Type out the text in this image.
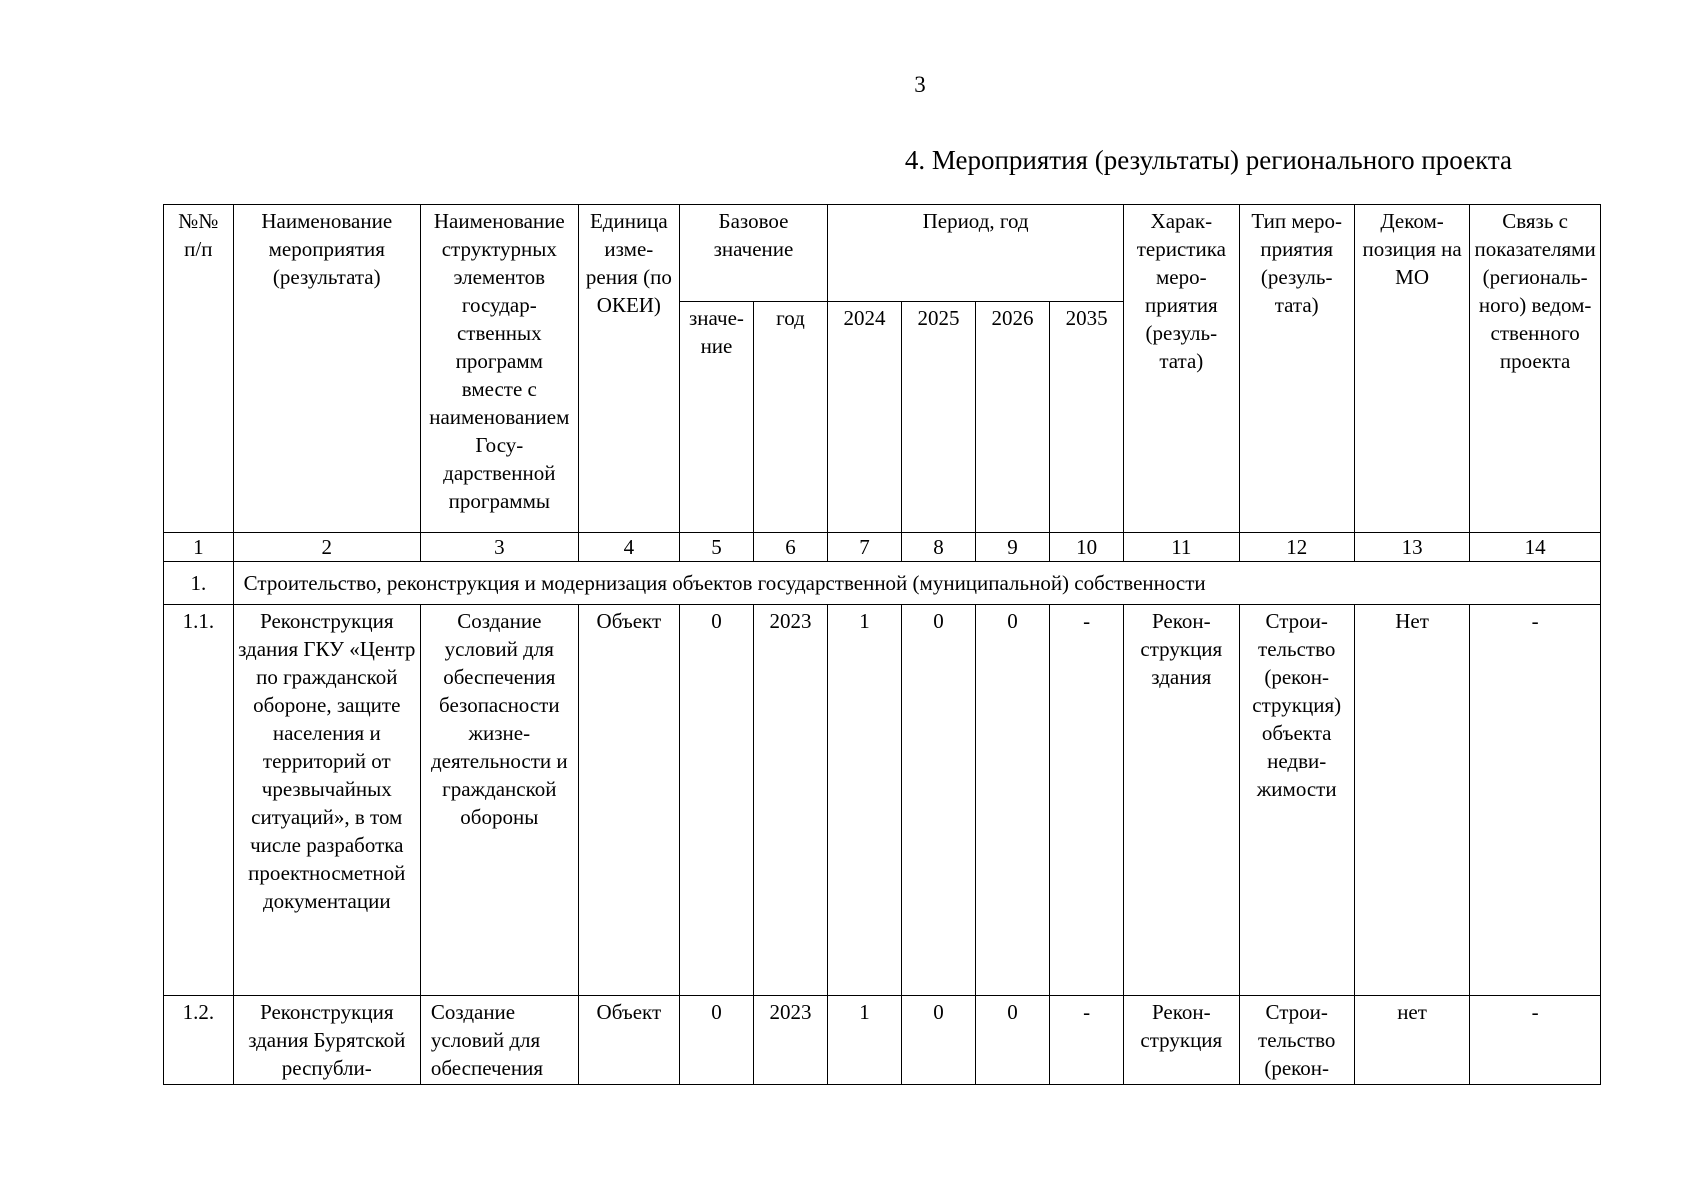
3
4. Мероприятия (результаты) регионального проекта
№№ п/п	Наименование мероприятия (результата)	Наименование структурных элементов государственных программ вместе с наименованием Государственной программы	Единица измерения (по ОКЕИ)	Базовое значение		Период, год				Характеристика мероприятия (результата)	Тип мероприятия (результата)	Декомпозиция на МО	Связь с показателями (регионального) ведомственного проекта
				значение	год	2024	2025	2026	2035				
1	2	3	4	5	6	7	8	9	10	11	12	13	14
1.	Строительство, реконструкция и модернизация объектов государственной (муниципальной) собственности												
1.1.	Реконструкция здания ГКУ «Центр по гражданской обороне, защите населения и территорий от чрезвычайных ситуаций», в том числе разработка проектносметной документации	Создание условий для обеспечения безопасности жизнедеятельности и гражданской обороны	Объект	0	2023	1	0	0	-	Реконструкция здания	Строительство (реконструкция) объекта недвижимости	Нет	-
1.2.	Реконструкция здания Бурятской республи-	Создание условий для обеспечения	Объект	0	2023	1	0	0	-	Реконструкция	Строительство (рекон-	нет	-
